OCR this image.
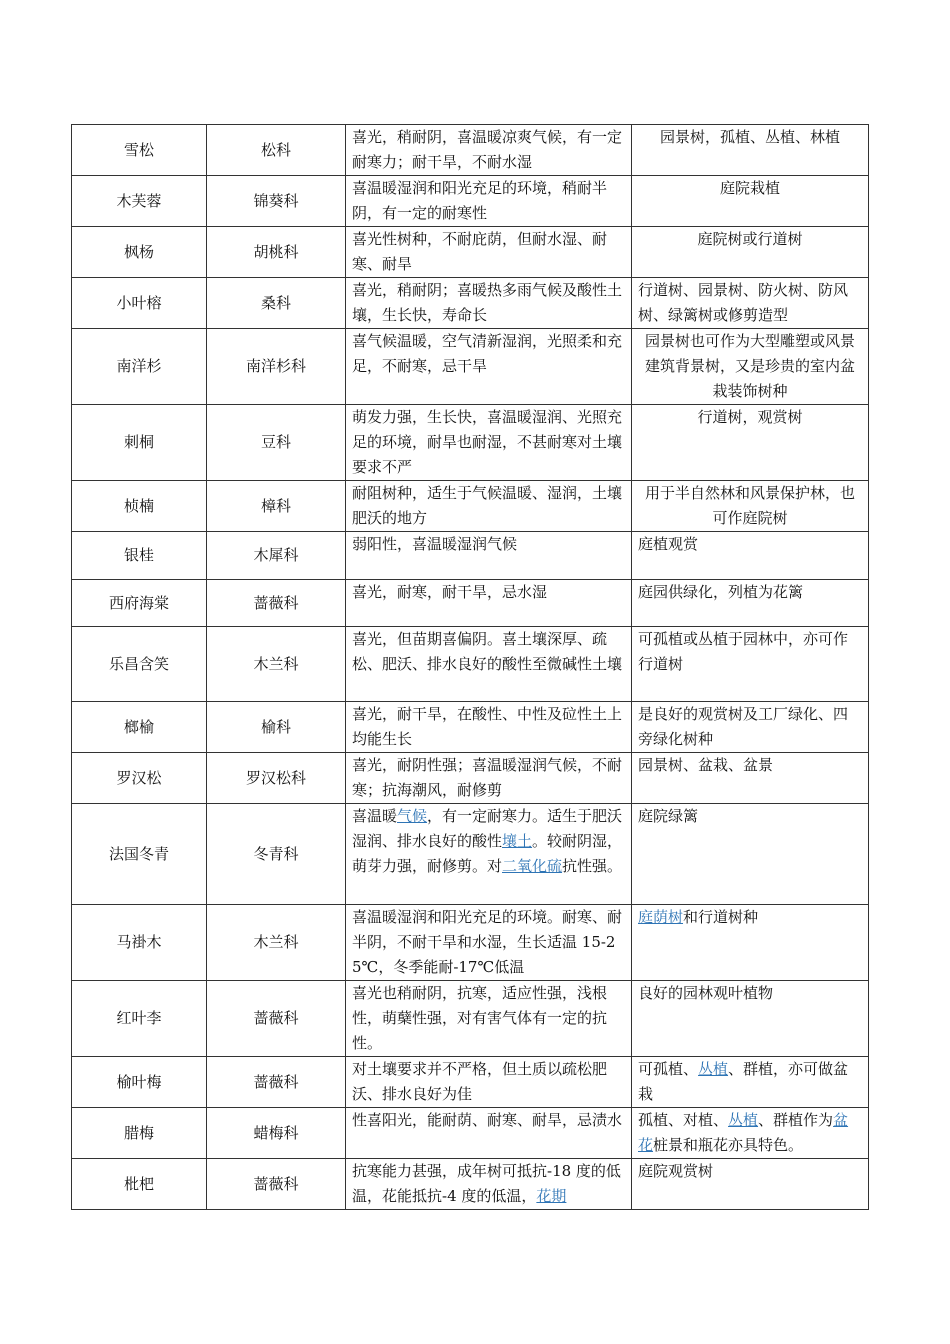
雪松	松科	喜光，稍耐阴，喜温暖凉爽气候，有一定耐寒力；耐干旱，不耐水湿	园景树，孤植、丛植、林植
木芙蓉	锦葵科	喜温暖湿润和阳光充足的环境，稍耐半阴，有一定的耐寒性	庭院栽植
枫杨	胡桃科	喜光性树种，不耐庇荫，但耐水湿、耐寒、耐旱	庭院树或行道树
小叶榕	桑科	喜光，稍耐阴；喜暖热多雨气候及酸性土壤，生长快，寿命长	行道树、园景树、防火树、防风树、绿篱树或修剪造型
南洋杉	南洋杉科	喜气候温暖，空气清新湿润，光照柔和充足，不耐寒，忌干旱	园景树也可作为大型雕塑或风景建筑背景树，又是珍贵的室内盆栽装饰树种
刺桐	豆科	萌发力强，生长快，喜温暖湿润、光照充足的环境，耐旱也耐湿，不甚耐寒对土壤要求不严	行道树，观赏树
桢楠	樟科	耐阻树种，适生于气候温暖、湿润，土壤肥沃的地方	用于半自然林和风景保护林，也可作庭院树
银桂	木犀科	弱阳性，喜温暖湿润气候	庭植观赏
西府海棠	蔷薇科	喜光，耐寒，耐干旱，忌水湿	庭园供绿化，列植为花篱
乐昌含笑	木兰科	喜光，但苗期喜偏阴。喜土壤深厚、疏松、肥沃、排水良好的酸性至微碱性土壤	可孤植或丛植于园林中，亦可作行道树
榔榆	榆科	喜光，耐干旱，在酸性、中性及砬性土上均能生长	是良好的观赏树及工厂绿化、四旁绿化树种
罗汉松	罗汉松科	喜光，耐阴性强；喜温暖湿润气候，不耐寒；抗海潮风，耐修剪	园景树、盆栽、盆景
法国冬青	冬青科	喜温暖气候，有一定耐寒力。适生于肥沃湿润、排水良好的酸性壤土。较耐阴湿，萌芽力强，耐修剪。对二氧化硫抗性强。	庭院绿篱
马褂木	木兰科	喜温暖湿润和阳光充足的环境。耐寒、耐半阴，不耐干旱和水湿，生长适温 15-25℃，冬季能耐-17℃低温	庭荫树和行道树种
红叶李	蔷薇科	喜光也稍耐阴，抗寒，适应性强，浅根性，萌蘖性强，对有害气体有一定的抗性。	良好的园林观叶植物
榆叶梅	蔷薇科	对土壤要求并不严格，但土质以疏松肥沃、排水良好为佳	可孤植、丛植、群植，亦可做盆栽
腊梅	蜡梅科	性喜阳光，能耐荫、耐寒、耐旱，忌渍水	孤植、对植、丛植、群植作为盆花桩景和瓶花亦具特色。
枇杷	蔷薇科	抗寒能力甚强，成年树可抵抗-18 度的低温，花能抵抗-4 度的低温，花期	庭院观赏树
